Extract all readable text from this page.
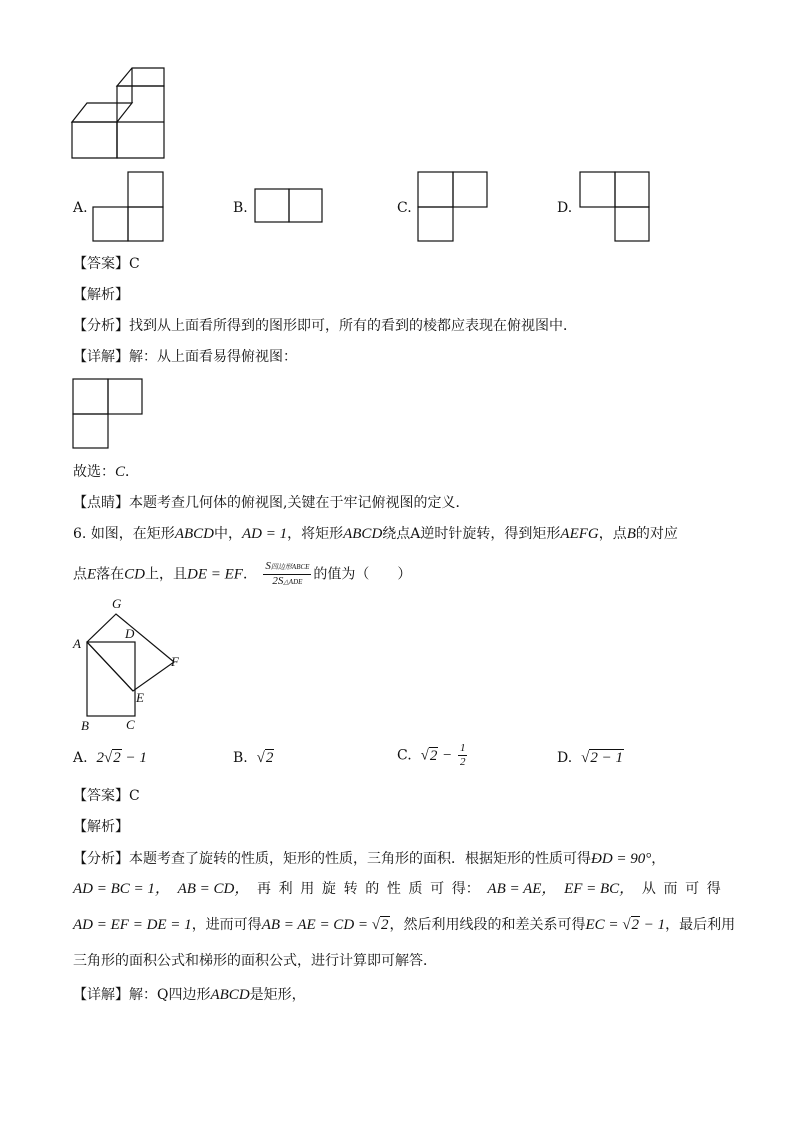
A.	B.	C.	D.
【答案】C
【解析】
【分析】找到从上面看所得到的图形即可，所有的看到的棱都应表现在俯视图中．
【详解】解：从上面看易得俯视图：
故选：C．
【点睛】本题考查几何体的俯视图,关键在于牢记俯视图的定义．
6. 如图，在矩形ABCD中，AD = 1，将矩形ABCD绕点A逆时针旋转，得到矩形AEFG，点B的对应
点E落在CD上，且DE = EF． $\frac{\text{S四边形ABCE}}{\text{2S△ADE}}$ 的值为（　　）
G
A
D
F
E
B	C
A. 2√2 − 1	B. √2	C. $√2 - \frac{1}{2}$	D. √2 − 1
【答案】C
【解析】
【分析】本题考查了旋转的性质，矩形的性质，三角形的面积．根据矩形的性质可得ÐD = 90°，
AD = BC = 1， AB = CD， 再 利 用 旋 转 的 性 质 可 得： AB = AE， EF = BC， 从 而 可 得
AD = EF = DE = 1，进而可得AB = AE = CD = √2，然后利用线段的和差关系可得EC = √2 − 1，最后利用
三角形的面积公式和梯形的面积公式，进行计算即可解答．
【详解】解：Q四边形ABCD是矩形，
